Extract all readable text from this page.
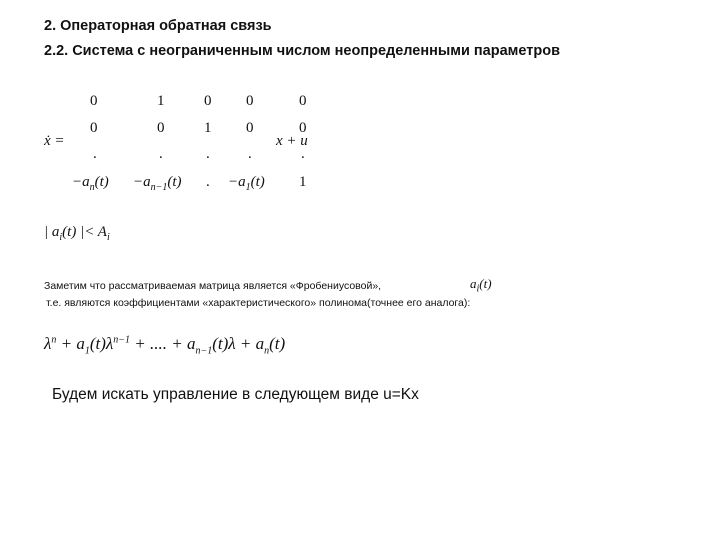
2. Операторная обратная связь
2.2. Система с неограниченным числом неопределенными параметров
ẋ =
0	1	0 0	0
0	0	1 0	0
.	.	.	.	.
x + u
$-a_n(t) -a_{n-1}(t)$ . $-a_1(t)$ 1
| $a_i(t)$ |< $A_i$
Заметим что рассматриваемая матрица является «Фробениусовой»,	$a_i(t)$
т.е. являются коэффициентами «характеристического» полинома(точнее его аналога):
$\lambda^n + a_1(t)\lambda^{n-1}$ + .... + $a_{n-1}(t)\lambda + a_n(t)$
Будем искать управление в следующем виде u=Kx
